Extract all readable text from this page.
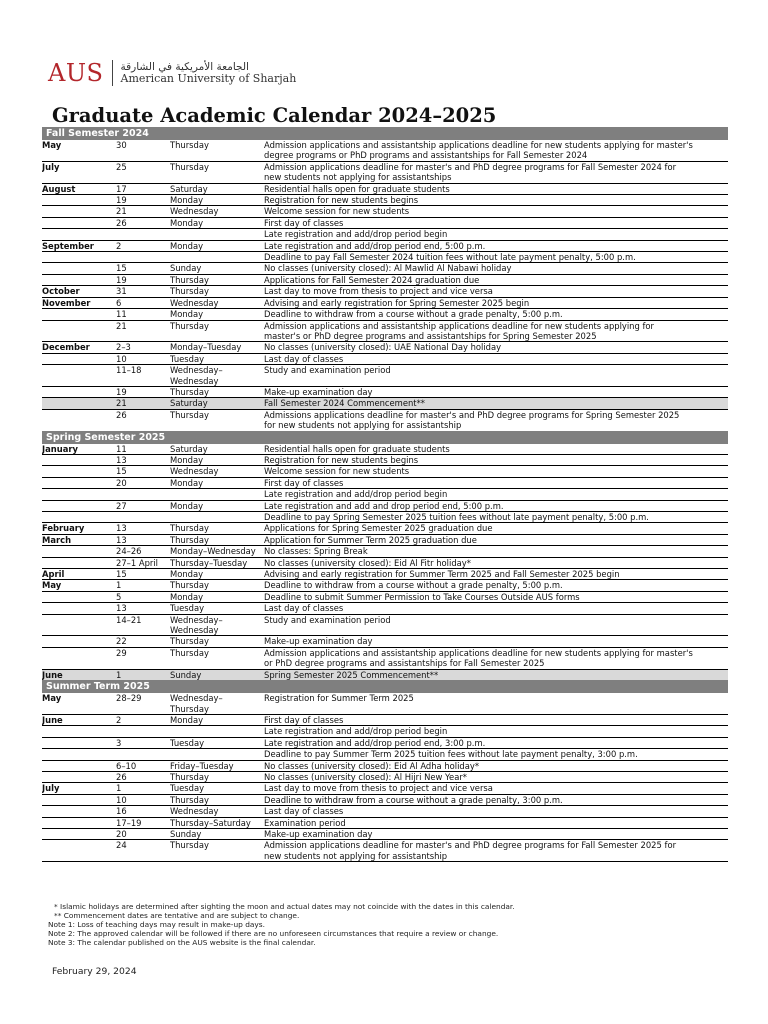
AUS الجامعة الأمريكية في الشارقة
American University of Sharjah
Graduate Academic Calendar 2024–2025
Fall Semester 2024
May	30	Thursday	Admission applications and assistantship applications deadline for new students applying for master's

degree programs or PhD programs and assistantships for Fall Semester 2024
July	25	Thursday	Admission applications deadline for master's and PhD degree programs for Fall Semester 2024 for

new students not applying for assistantships
August	17	Saturday	Residential halls open for graduate students

19	Monday	Registration for new students begins

21	Wednesday	Welcome session for new students

26	Monday	First day of classes

Late registration and add/drop period begin
September	2	Monday	Late registration and add/drop period end, 5:00 p.m.

Deadline to pay Fall Semester 2024 tuition fees without late payment penalty, 5:00 p.m.

15	Sunday	No classes (university closed): Al Mawlid Al Nabawi holiday

19	Thursday	Applications for Fall Semester 2024 graduation due
October	31	Thursday	Last day to move from thesis to project and vice versa
November	6	Wednesday	Advising and early registration for Spring Semester 2025 begin

11	Monday	Deadline to withdraw from a course without a grade penalty, 5:00 p.m.

21	Thursday	Admission applications and assistantship applications deadline for new students applying for

master's or PhD degree programs and assistantships for Spring Semester 2025
December	2–3	Monday–Tuesday	No classes (university closed): UAE National Day holiday

10	Tuesday	Last day of classes

11–18	Wednesday–	Study and examination period

Wednesday

19	Thursday	Make-up examination day

21	Saturday	Fall Semester 2024 Commencement**

26	Thursday	Admissions applications deadline for master's and PhD degree programs for Spring Semester 2025

for new students not applying for assistantship
Spring Semester 2025
January	11	Saturday	Residential halls open for graduate students

13	Monday	Registration for new students begins

15	Wednesday	Welcome session for new students

20	Monday	First day of classes

Late registration and add/drop period begin

27	Monday	Late registration and add and drop period end, 5:00 p.m.

Deadline to pay Spring Semester 2025 tuition fees without late payment penalty, 5:00 p.m.
February	13	Thursday	Applications for Spring Semester 2025 graduation due
March	13	Thursday	Application for Summer Term 2025 graduation due

24–26	Monday–Wednesday No classes: Spring Break

27–1 April	Thursday–Tuesday	No classes (university closed): Eid Al Fitr holiday*
April	15	Monday	Advising and early registration for Summer Term 2025 and Fall Semester 2025 begin
May	1	Thursday	Deadline to withdraw from a course without a grade penalty, 5:00 p.m.

5	Monday	Deadline to submit Summer Permission to Take Courses Outside AUS forms

13	Tuesday	Last day of classes

14–21	Wednesday–	Study and examination period

Wednesday

22	Thursday	Make-up examination day

29	Thursday	Admission applications and assistantship applications deadline for new students applying for master's

or PhD degree programs and assistantships for Fall Semester 2025
June	1	Sunday	Spring Semester 2025 Commencement**
Summer Term 2025
May	28–29	Wednesday–	Registration for Summer Term 2025

Thursday

June	2	Monday	First day of classes

Late registration and add/drop period begin

3	Tuesday	Late registration and add/drop period end, 3:00 p.m.

Deadline to pay Summer Term 2025 tuition fees without late payment penalty, 3:00 p.m.

6–10	Friday–Tuesday	No classes (university closed): Eid Al Adha holiday*

26	Thursday	No classes (university closed): Al Hijri New Year*
July	1	Tuesday	Last day to move from thesis to project and vice versa

10	Thursday	Deadline to withdraw from a course without a grade penalty, 3:00 p.m.

16	Wednesday	Last day of classes

17–19	Thursday–Saturday	Examination period

20	Sunday	Make-up examination day

24	Thursday	Admission applications deadline for master's and PhD degree programs for Fall Semester 2025 for

new students not applying for assistantship
* Islamic holidays are determined after sighting the moon and actual dates may not coincide with the dates in this calendar.
** Commencement dates are tentative and are subject to change.
Note 1: Loss of teaching days may result in make-up days.
Note 2: The approved calendar will be followed if there are no unforeseen circumstances that require a review or change.
Note 3: The calendar published on the AUS website is the final calendar.
February 29, 2024
